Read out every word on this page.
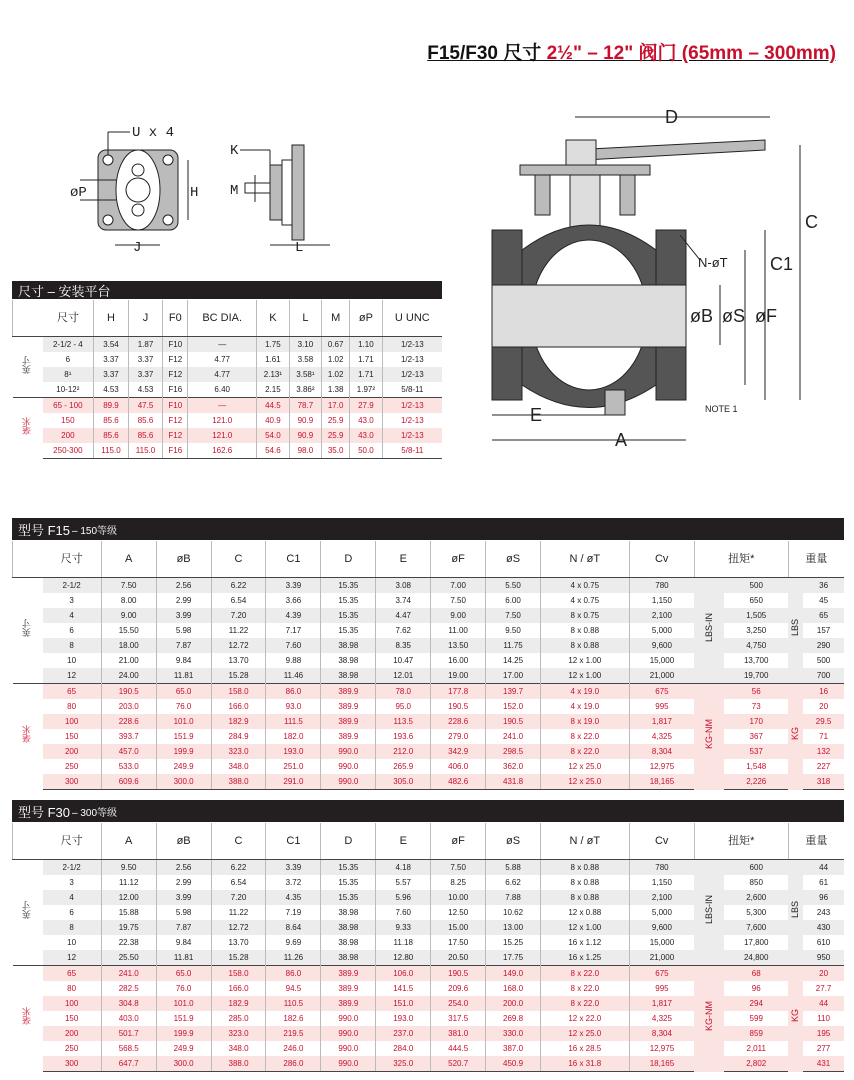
F15/F30 尺寸 2½" – 12" 阀门 (65mm – 300mm)
U x 4
øP	H
J
K
M
L
D
C
C1
N-øT
øB øS øF
E
A
NOTE 1
尺寸 – 安装平台
	尺寸	H	J	F0	BC DIA.	K	L	M	øP	U UNC
英寸	2-1/2 - 4	3.54	1.87	F10	—	1.75	3.10	0.67	1.10	1/2-13
	6	3.37	3.37	F12	4.77	1.61	3.58	1.02	1.71	1/2-13
	8¹	3.37	3.37	F12	4.77	2.13¹	3.58¹	1.02	1.71	1/2-13
	10-12²	4.53	4.53	F16	6.40	2.15	3.86²	1.38	1.97²	5/8-11
毫米	65 - 100	89.9	47.5	F10	—	44.5	78.7	17.0	27.9	1/2-13
	150	85.6	85.6	F12	121.0	40.9	90.9	25.9	43.0	1/2-13
	200	85.6	85.6	F12	121.0	54.0	90.9	25.9	43.0	1/2-13
	250-300	115.0	115.0	F16	162.6	54.6	98.0	35.0	50.0	5/8-11
型号 F15 – 150等级
	尺寸	A	øB	C	C1	D	E	øF	øS	N / øT	Cv	扭矩*		重量	
英寸	2-1/2	7.50	2.56	6.22	3.39	15.35	3.08	7.00	5.50	4 x 0.75	780	LBS-IN	500	LBS	36
	3	8.00	2.99	6.54	3.66	15.35	3.74	7.50	6.00	4 x 0.75	1,150		650		45
	4	9.00	3.99	7.20	4.39	15.35	4.47	9.00	7.50	8 x 0.75	2,100		1,505		65
	6	15.50	5.98	11.22	7.17	15.35	7.62	11.00	9.50	8 x 0.88	5,000		3,250		157
	8	18.00	7.87	12.72	7.60	38.98	8.35	13.50	11.75	8 x 0.88	9,600		4,750		290
	10	21.00	9.84	13.70	9.88	38.98	10.47	16.00	14.25	12 x 1.00	15,000		13,700		500
	12	24.00	11.81	15.28	11.46	38.98	12.01	19.00	17.00	12 x 1.00	21,000		19,700		700
毫米	65	190.5	65.0	158.0	86.0	389.9	78.0	177.8	139.7	4 x 19.0	675	KG-NM	56	KG	16
	80	203.0	76.0	166.0	93.0	389.9	95.0	190.5	152.0	4 x 19.0	995		73		20
	100	228.6	101.0	182.9	111.5	389.9	113.5	228.6	190.5	8 x 19.0	1,817		170		29.5
	150	393.7	151.9	284.9	182.0	389.9	193.6	279.0	241.0	8 x 22.0	4,325		367		71
	200	457.0	199.9	323.0	193.0	990.0	212.0	342.9	298.5	8 x 22.0	8,304		537		132
	250	533.0	249.9	348.0	251.0	990.0	265.9	406.0	362.0	12 x 25.0	12,975		1,548		227
	300	609.6	300.0	388.0	291.0	990.0	305.0	482.6	431.8	12 x 25.0	18,165		2,226		318
型号 F30 – 300等级
	尺寸	A	øB	C	C1	D	E	øF	øS	N / øT	Cv	扭矩*		重量	
英寸	2-1/2	9.50	2.56	6.22	3.39	15.35	4.18	7.50	5.88	8 x 0.88	780	LBS-IN	600	LBS	44
	3	11.12	2.99	6.54	3.72	15.35	5.57	8.25	6.62	8 x 0.88	1,150		850		61
	4	12.00	3.99	7.20	4.35	15.35	5.96	10.00	7.88	8 x 0.88	2,100		2,600		96
	6	15.88	5.98	11.22	7.19	38.98	7.60	12.50	10.62	12 x 0.88	5,000		5,300		243
	8	19.75	7.87	12.72	8.64	38.98	9.33	15.00	13.00	12 x 1.00	9,600		7,600		430
	10	22.38	9.84	13.70	9.69	38.98	11.18	17.50	15.25	16 x 1.12	15,000		17,800		610
	12	25.50	11.81	15.28	11.26	38.98	12.80	20.50	17.75	16 x 1.25	21,000		24,800		950
毫米	65	241.0	65.0	158.0	86.0	389.9	106.0	190.5	149.0	8 x 22.0	675	KG-NM	68	KG	20
	80	282.5	76.0	166.0	94.5	389.9	141.5	209.6	168.0	8 x 22.0	995		96		27.7
	100	304.8	101.0	182.9	110.5	389.9	151.0	254.0	200.0	8 x 22.0	1,817		294		44
	150	403.0	151.9	285.0	182.6	990.0	193.0	317.5	269.8	12 x 22.0	4,325		599		110
	200	501.7	199.9	323.0	219.5	990.0	237.0	381.0	330.0	12 x 25.0	8,304		859		195
	250	568.5	249.9	348.0	246.0	990.0	284.0	444.5	387.0	16 x 28.5	12,975		2,011		277
	300	647.7	300.0	388.0	286.0	990.0	325.0	520.7	450.9	16 x 31.8	18,165		2,802		431
